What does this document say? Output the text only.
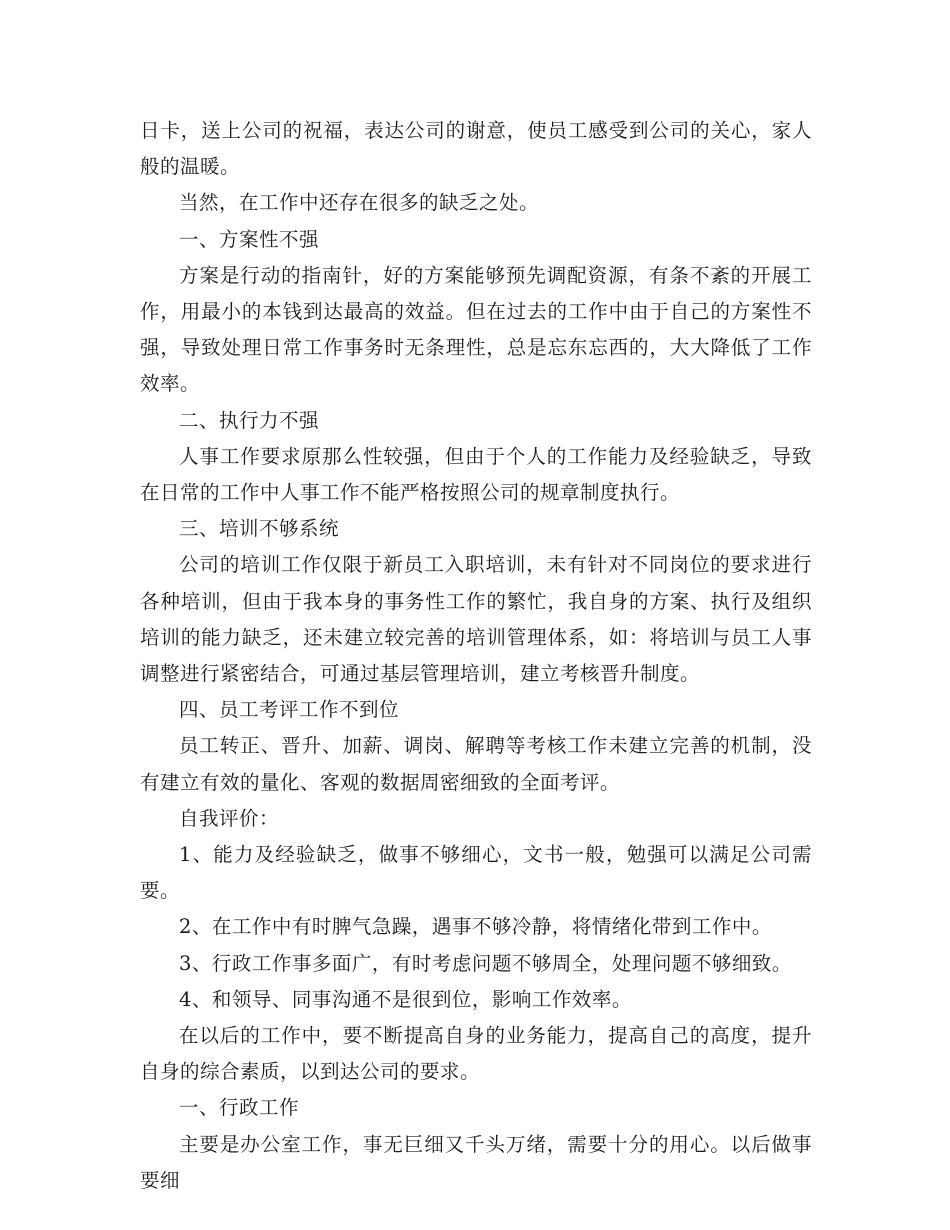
日卡，送上公司的祝福，表达公司的谢意，使员工感受到公司的关心，家人般的温暖。

当然，在工作中还存在很多的缺乏之处。

一、方案性不强

方案是行动的指南针，好的方案能够预先调配资源，有条不紊的开展工作，用最小的本钱到达最高的效益。但在过去的工作中由于自己的方案性不强，导致处理日常工作事务时无条理性，总是忘东忘西的，大大降低了工作效率。

二、执行力不强

人事工作要求原那么性较强，但由于个人的工作能力及经验缺乏，导致在日常的工作中人事工作不能严格按照公司的规章制度执行。

三、培训不够系统

公司的培训工作仅限于新员工入职培训，未有针对不同岗位的要求进行各种培训，但由于我本身的事务性工作的繁忙，我自身的方案、执行及组织培训的能力缺乏，还未建立较完善的培训管理体系，如：将培训与员工人事调整进行紧密结合，可通过基层管理培训，建立考核晋升制度。

四、员工考评工作不到位

员工转正、晋升、加薪、调岗、解聘等考核工作未建立完善的机制，没有建立有效的量化、客观的数据周密细致的全面考评。

自我评价：

1、能力及经验缺乏，做事不够细心，文书一般，勉强可以满足公司需要。

2、在工作中有时脾气急躁，遇事不够冷静，将情绪化带到工作中。

3、行政工作事多面广，有时考虑问题不够周全，处理问题不够细致。

4、和领导、同事沟通不是很到位，影响工作效率。

在以后的工作中，要不断提高自身的业务能力，提高自己的高度，提升自身的综合素质，以到达公司的要求。

一、行政工作

主要是办公室工作，事无巨细又千头万绪，需要十分的用心。以后做事要细
